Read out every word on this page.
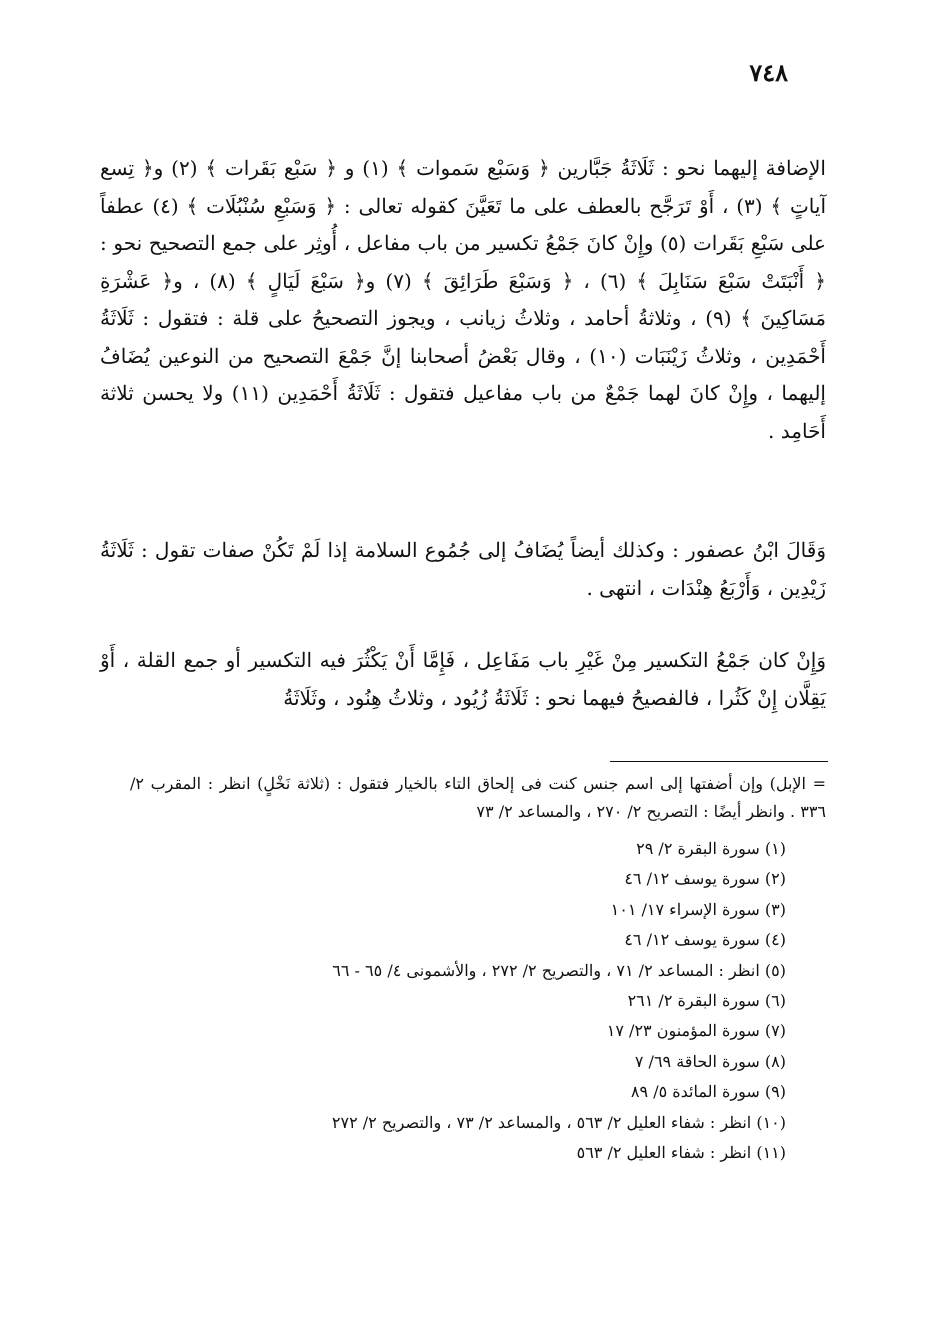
٧٤٨

الإضافة إليهما نحو : ثَلَاثَةُ جَبَّارين ﴿ وَسَبْع سَموات ﴾ (١) و ﴿ سَبْع بَقَرات ﴾ (٢) و﴿ تِسع آياتٍ ﴾ (٣) ، أَوْ تَرَجَّح بالعطف على ما تَعَيَّنَ كقوله تعالى : ﴿ وَسَبْعِ سُنْبُلَات ﴾ (٤) عطفاً على سَبْعِ بَقَرات (٥) وإِنْ كانَ جَمْعُ تكسير من باب مفاعل ، أُوثِر على جمع التصحيح نحو : ﴿ أَنْبَتَتْ سَبْعَ سَنَابِلَ ﴾ (٦) ، ﴿ وَسَبْعَ طَرَائِقَ ﴾ (٧) و﴿ سَبْعَ لَيَالٍ ﴾ (٨) ، و﴿ عَشْرَةِ مَسَاكِينَ ﴾ (٩) ، وثلاثةُ أحامد ، وثلاثُ زيانب ، ويجوز التصحيحُ على قلة : فتقول : ثَلَاثَةُ أَحْمَدِين ، وثلاثُ زَيْنَبَات (١٠) ، وقال بَعْضُ أصحابنا إنَّ جَمْعَ التصحيح من النوعين يُضَافُ إليهما ، وإِنْ كانَ لهما جَمْعٌ من باب مفاعيل فتقول : ثَلَاثَةُ أَحْمَدِين (١١) ولا يحسن ثلاثة أَحَامِد .

وَقَالَ ابْنُ عصفور : وكذلك أيضاً يُضَافُ إلى جُمُوع السلامة إذا لَمْ تَكُنْ صفات تقول : ثَلَاثَةُ زَيْدِين ، وَأَرْبَعُ هِنْدَات ، انتهى .

وَإِنْ كان جَمْعُ التكسير مِنْ غَيْرِ باب مَفَاعِل ، فَإِمَّا أَنْ يَكْثُرَ فيه التكسير أو جمع القلة ، أَوْ يَقِلَّان إِنْ كَثُرا ، فالفصيحُ فيهما نحو : ثَلَاثَةُ زُيُود ، وثلاثُ هِنُود ، وثَلَاثَةُ

= الإبل) وإن أضفتها إلى اسم جنس كنت فى إلحاق التاء بالخيار فتقول : (ثلاثة نَخْلٍ) انظر : المقرب ٢/ ٣٣٦ . وانظر أيضًا : التصريح ٢/ ٢٧٠ ، والمساعد ٢/ ٧٣
(١) سورة البقرة ٢/ ٢٩
(٢) سورة يوسف ١٢/ ٤٦
(٣) سورة الإسراء ١٧/ ١٠١
(٤) سورة يوسف ١٢/ ٤٦
(٥) انظر : المساعد ٢/ ٧١ ، والتصريح ٢/ ٢٧٢ ، والأشمونى ٤/ ٦٥ - ٦٦
(٦) سورة البقرة ٢/ ٢٦١
(٧) سورة المؤمنون ٢٣/ ١٧
(٨) سورة الحاقة ٦٩/ ٧
(٩) سورة المائدة ٥/ ٨٩
(١٠) انظر : شفاء العليل ٢/ ٥٦٣ ، والمساعد ٢/ ٧٣ ، والتصريح ٢/ ٢٧٢
(١١) انظر : شفاء العليل ٢/ ٥٦٣
